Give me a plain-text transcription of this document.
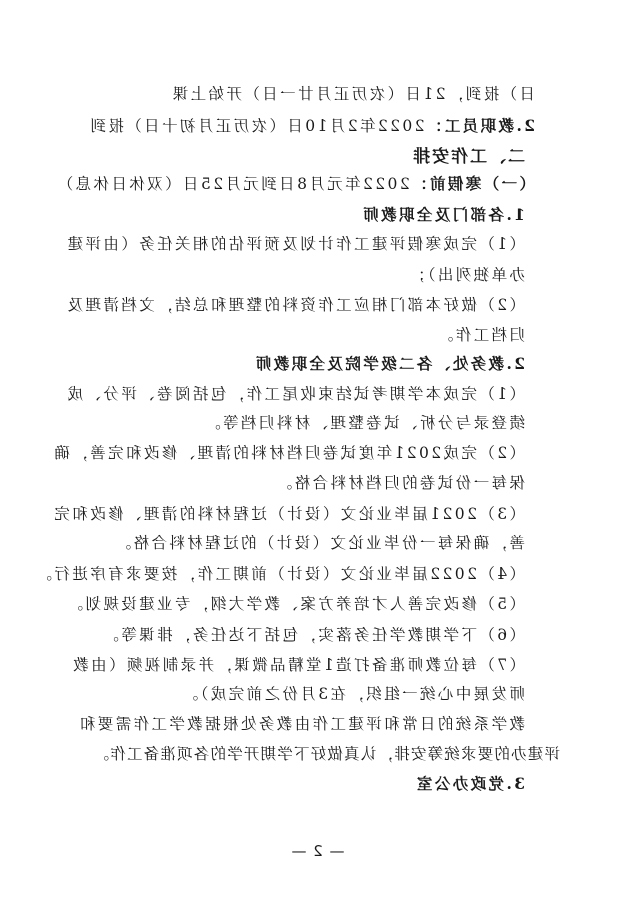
日）报到，21日（农历正月廿一日）开始上课
2.教职员工：2022年2月10日（农历正月初十日）报到
二、工作安排
（一）寒假前：2022年元月8日到元月25日（双休日休息）
1.各部门及全职教师
（1）完成寒假评建工作计划及预评估的相关任务（由评建
办单独列出）；
（2）做好本部门相应工作资料的整理和总结，文档清理及
归档工作。
2.教务处、各二级学院及全职教师
（1）完成本学期考试结束收尾工作，包括阅卷、评分、成
绩登录与分析、试卷整理、材料归档等。
（2）完成2021年度试卷归档材料的清理、修改和完善，确
保每一份试卷的归档材料合格。
（3）2021届毕业论文（设计）过程材料的清理、修改和完
善，确保每一份毕业论文（设计）的过程材料合格。
（4）2022届毕业论文（设计）前期工作，按要求有序进行。
（5）修改完善人才培养方案、教学大纲，专业建设规划。
（6）下学期教学任务落实，包括下达任务，排课等。
（7）每位教师准备打造1堂精品微课，并录制视频（由教
师发展中心统一组织，在3月份之前完成）。
教学系统的日常和评建工作由教务处根据教学工作需要和
评建办的要求统筹安排，认真做好下学期开学的各项准备工作。
3.党政办公室
— 2 —
